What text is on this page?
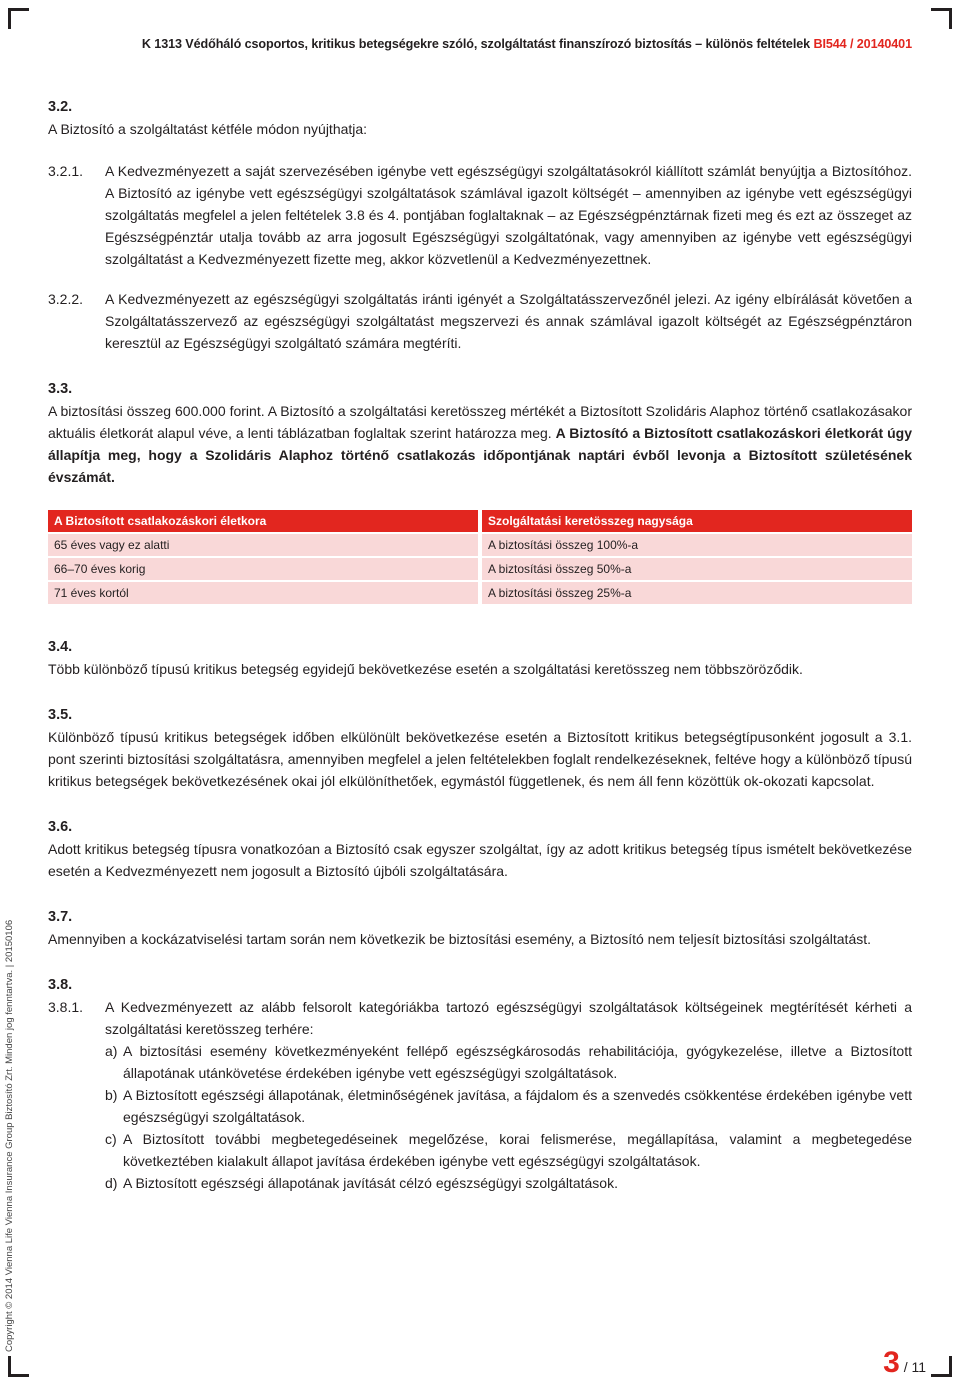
K 1313 Védőháló csoportos, kritikus betegségekre szóló, szolgáltatást finanszírozó biztosítás – különös feltételek BI544 / 20140401
3.2.

A Biztosító a szolgáltatást kétféle módon nyújthatja:

3.2.1.	A Kedvezményezett a saját szervezésében igénybe vett egészségügyi szolgáltatásokról kiállított számlát benyújtja a Biztosítóhoz. A Biztosító az igénybe vett egészségügyi szolgáltatások számlával igazolt költségét – amennyiben az igénybe vett egészségügyi szolgáltatás megfelel a jelen feltételek 3.8 és 4. pontjában foglaltaknak – az Egészségpénztárnak fizeti meg és ezt az összeget az Egészségpénztár utalja tovább az arra jogosult Egészségügyi szolgáltatónak, vagy amennyiben az igénybe vett egészségügyi szolgáltatást a Kedvezményezett fizette meg, akkor közvetlenül a Kedvezményezettnek.
3.2.2.	A Kedvezményezett az egészségügyi szolgáltatás iránti igényét a Szolgáltatásszervezőnél jelezi. Az igény elbírálását követően a Szolgáltatásszervező az egészségügyi szolgáltatást megszervezi és annak számlával igazolt költségét az Egészségpénztáron keresztül az Egészségügyi szolgáltató számára megtéríti.
3.3.

A biztosítási összeg 600.000 forint. A Biztosító a szolgáltatási keretösszeg mértékét a Biztosított Szolidáris Alaphoz történő csatlakozásakor aktuális életkorát alapul véve, a lenti táblázatban foglaltak szerint határozza meg. A Biztosító a Biztosított csatlakozáskori életkorát úgy állapítja meg, hogy a Szolidáris Alaphoz történő csatlakozás időpontjának naptári évből levonja a Biztosított születésének évszámát.

A Biztosított csatlakozáskori életkora		Szolgáltatási keretösszeg nagysága
65 éves vagy ez alatti		A biztosítási összeg 100%-a
66–70 éves korig		A biztosítási összeg 50%-a
71 éves kortól		A biztosítási összeg 25%-a
3.4.

Több különböző típusú kritikus betegség egyidejű bekövetkezése esetén a szolgáltatási keretösszeg nem többszöröződik.

3.5.

Különböző típusú kritikus betegségek időben elkülönült bekövetkezése esetén a Biztosított kritikus betegségtípusonként jogosult a 3.1. pont szerinti biztosítási szolgáltatásra, amennyiben megfelel a jelen feltételekben foglalt rendelkezéseknek, feltéve hogy a különböző típusú kritikus betegségek bekövetkezésének okai jól elkülöníthetőek, egymástól függetlenek, és nem áll fenn közöttük ok-okozati kapcsolat.

3.6.

Adott kritikus betegség típusra vonatkozóan a Biztosító csak egyszer szolgáltat, így az adott kritikus betegség típus ismételt bekövetkezése esetén a Kedvezményezett nem jogosult a Biztosító újbóli szolgáltatására.

3.7.

Amennyiben a kockázatviselési tartam során nem következik be biztosítási esemény, a Biztosító nem teljesít biztosítási szolgáltatást.

3.8.
3.8.1.	A Kedvezményezett az alább felsorolt kategóriákba tartozó egészségügyi szolgáltatások költségeinek megtérítését kérheti a szolgáltatási keretösszeg terhére:
a) A biztosítási esemény következményeként fellépő egészségkárosodás rehabilitációja, gyógykezelése, illetve a Biztosított állapotának utánkövetése érdekében igénybe vett egészségügyi szolgáltatások.
b) A Biztosított egészségi állapotának, életminőségének javítása, a fájdalom és a szenvedés csökkentése érdekében igénybe vett egészségügyi szolgáltatások.
c) A Biztosított további megbetegedéseinek megelőzése, korai felismerése, megállapítása, valamint a megbetegedése következtében kialakult állapot javítása érdekében igénybe vett egészségügyi szolgáltatások.
d) A Biztosított egészségi állapotának javítását célzó egészségügyi szolgáltatások.
Copyright © 2014 Vienna Life Vienna Insurance Group Biztosító Zrt. Minden jog fenntartva. | 20150106
3 / 11
